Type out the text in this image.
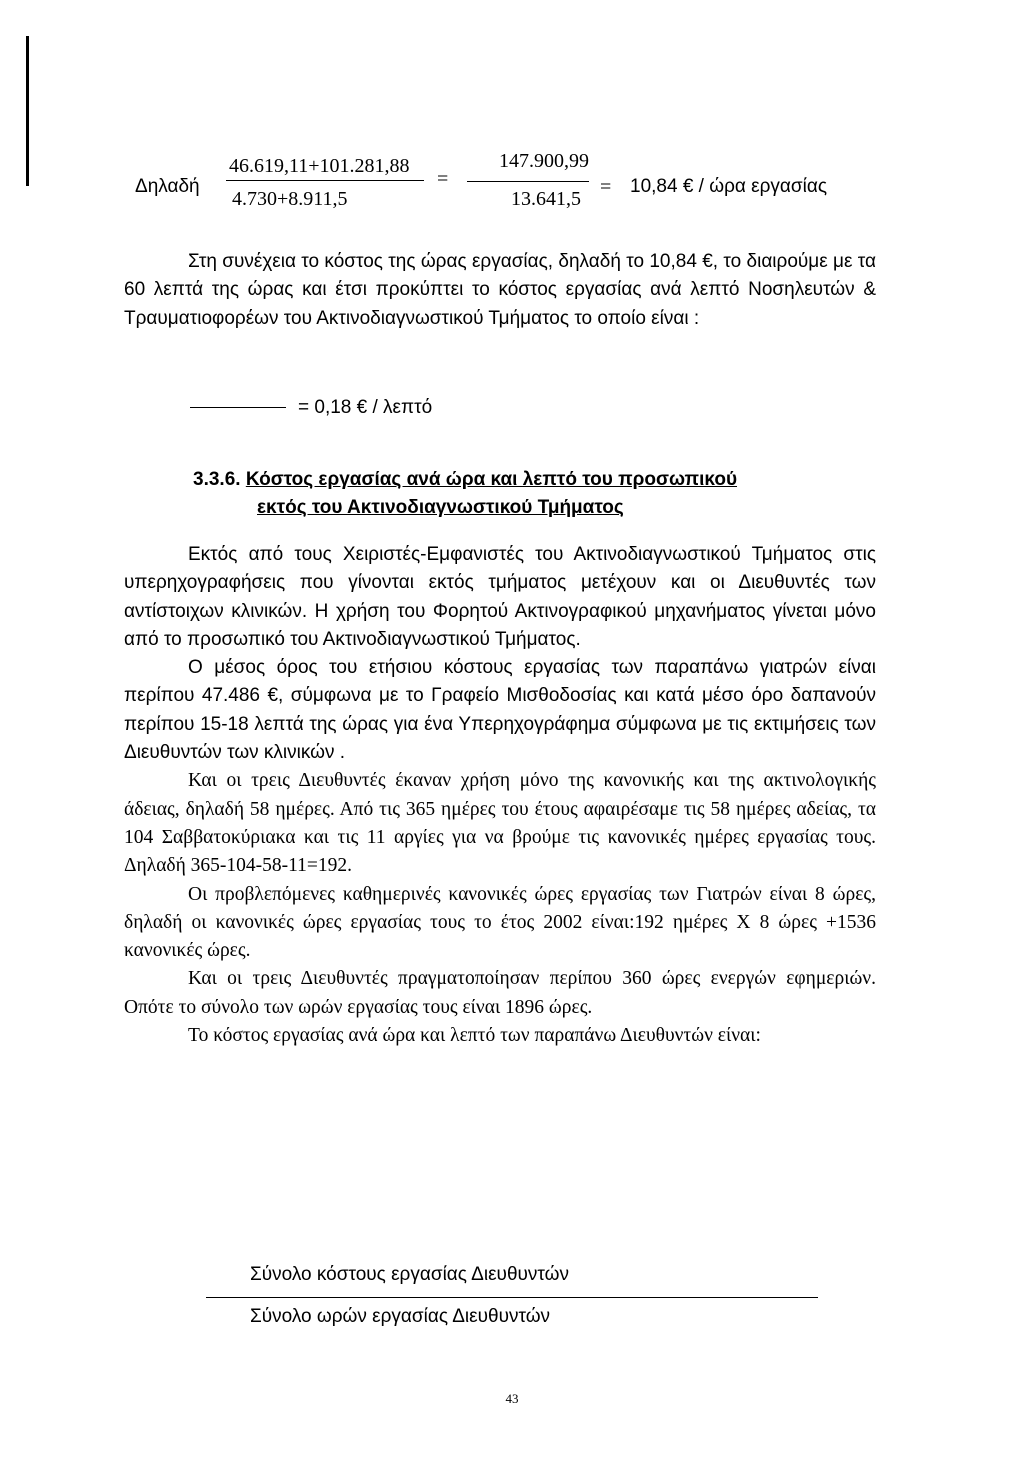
Δηλαδή
46.619,11+101.281,88
4.730+8.911,5
=
147.900,99
13.641,5
= 10,84 € / ώρα εργασίας

Στη συνέχεια το κόστος της ώρας εργασίας, δηλαδή το 10,84 €, το διαιρούμε με τα 60 λεπτά της ώρας και έτσι προκύπτει το κόστος εργασίας ανά λεπτό Νοσηλευτών & Τραυματιοφορέων του Ακτινοδιαγνωστικού Τμήματος το οποίο είναι :

= 0,18 € / λεπτό
3.3.6. Κόστος εργασίας ανά ώρα και λεπτό του προσωπικού
εκτός του Ακτινοδιαγνωστικού Τμήματος

Εκτός από τους Χειριστές-Εμφανιστές του Ακτινοδιαγνωστικού Τμήματος στις υπερηχογραφήσεις που γίνονται εκτός τμήματος μετέχουν και οι Διευθυντές των αντίστοιχων κλινικών. Η χρήση του Φορητού Ακτινογραφικού μηχανήματος γίνεται μόνο από το προσωπικό του Ακτινοδιαγνωστικού Τμήματος.

Ο μέσος όρος του ετήσιου κόστους εργασίας των παραπάνω γιατρών είναι περίπου 47.486 €, σύμφωνα με το Γραφείο Μισθοδοσίας και κατά μέσο όρο δαπανούν περίπου 15-18 λεπτά της ώρας για ένα Υπερηχογράφημα σύμφωνα με τις εκτιμήσεις των Διευθυντών των κλινικών .

Και οι τρεις Διευθυντές έκαναν χρήση μόνο της κανονικής και της ακτινολογικής άδειας, δηλαδή 58 ημέρες. Από τις 365 ημέρες του έτους αφαιρέσαμε τις 58 ημέρες αδείας, τα 104 Σαββατοκύριακα και τις 11 αργίες για να βρούμε τις κανονικές ημέρες εργασίας τους. Δηλαδή 365-104-58-11=192.

Οι προβλεπόμενες καθημερινές κανονικές ώρες εργασίας των Γιατρών είναι 8 ώρες, δηλαδή οι κανονικές ώρες εργασίας τους το έτος 2002 είναι:192 ημέρες Χ 8 ώρες +1536 κανονικές ώρες.

Και οι τρεις Διευθυντές πραγματοποίησαν περίπου 360 ώρες ενεργών εφημεριών. Οπότε το σύνολο των ωρών εργασίας τους είναι 1896 ώρες.

Το κόστος εργασίας ανά ώρα και λεπτό των παραπάνω Διευθυντών είναι:

Σύνολο κόστους εργασίας Διευθυντών
Σύνολο ωρών εργασίας Διευθυντών
43
